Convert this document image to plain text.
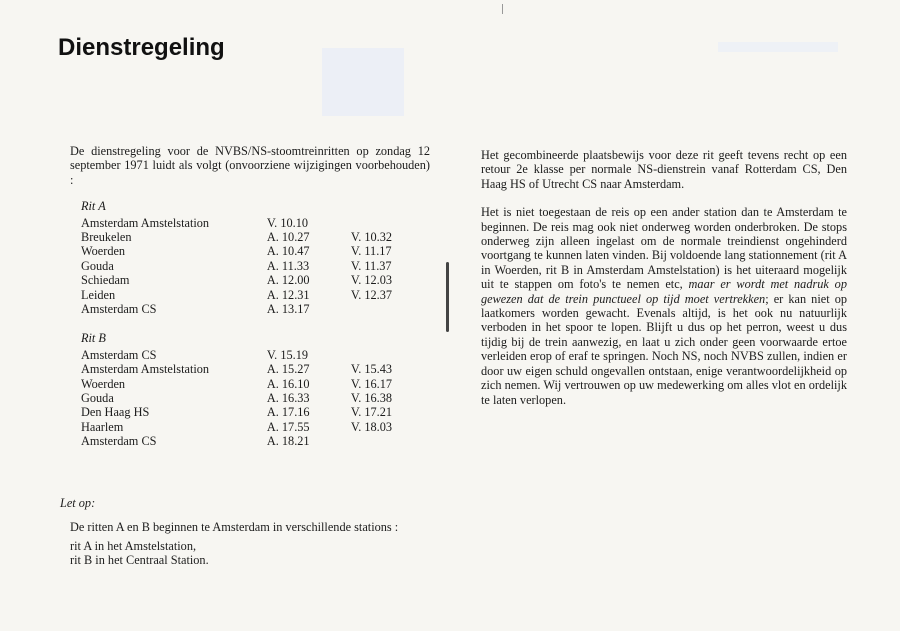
Dienstregeling

De dienstregeling voor de NVBS/NS-stoomtreinritten op zondag 12 september 1971 luidt als volgt (onvoorziene wijzigingen voorbehouden) :

Rit A
Amsterdam Amstelstation	V. 10.10
Breukelen	A. 10.27	V. 10.32
Woerden	A. 10.47	V. 11.17
Gouda	A. 11.33	V. 11.37
Schiedam	A. 12.00	V. 12.03
Leiden	A. 12.31	V. 12.37
Amsterdam CS	A. 13.17
Rit B
Amsterdam CS	V. 15.19
Amsterdam Amstelstation	A. 15.27	V. 15.43
Woerden	A. 16.10	V. 16.17
Gouda	A. 16.33	V. 16.38
Den Haag HS	A. 17.16	V. 17.21
Haarlem	A. 17.55	V. 18.03
Amsterdam CS	A. 18.21

Let op:

De ritten A en B beginnen te Amsterdam in verschillende stations :

rit A in het Amstelstation,

rit B in het Centraal Station.

Het gecombineerde plaatsbewijs voor deze rit geeft tevens recht op een retour 2e klasse per normale NS-dienstrein vanaf Rotterdam CS, Den Haag HS of Utrecht CS naar Amsterdam.

Het is niet toegestaan de reis op een ander station dan te Amsterdam te beginnen. De reis mag ook niet onderweg worden onderbroken. De stops onderweg zijn alleen ingelast om de normale treindienst ongehinderd voortgang te kunnen laten vinden. Bij voldoende lang stationnement (rit A in Woerden, rit B in Amsterdam Amstelstation) is het uiteraard mogelijk uit te stappen om foto's te nemen etc, maar er wordt met nadruk op gewezen dat de trein punctueel op tijd moet vertrekken; er kan niet op laatkomers worden gewacht. Evenals altijd, is het ook nu natuurlijk verboden in het spoor te lopen. Blijft u dus op het perron, weest u dus tijdig bij de trein aanwezig, en laat u zich onder geen voorwaarde ertoe verleiden erop of eraf te springen. Noch NS, noch NVBS zullen, indien er door uw eigen schuld ongevallen ontstaan, enige verantwoordelijkheid op zich nemen. Wij vertrouwen op uw medewerking om alles vlot en ordelijk te laten verlopen.
